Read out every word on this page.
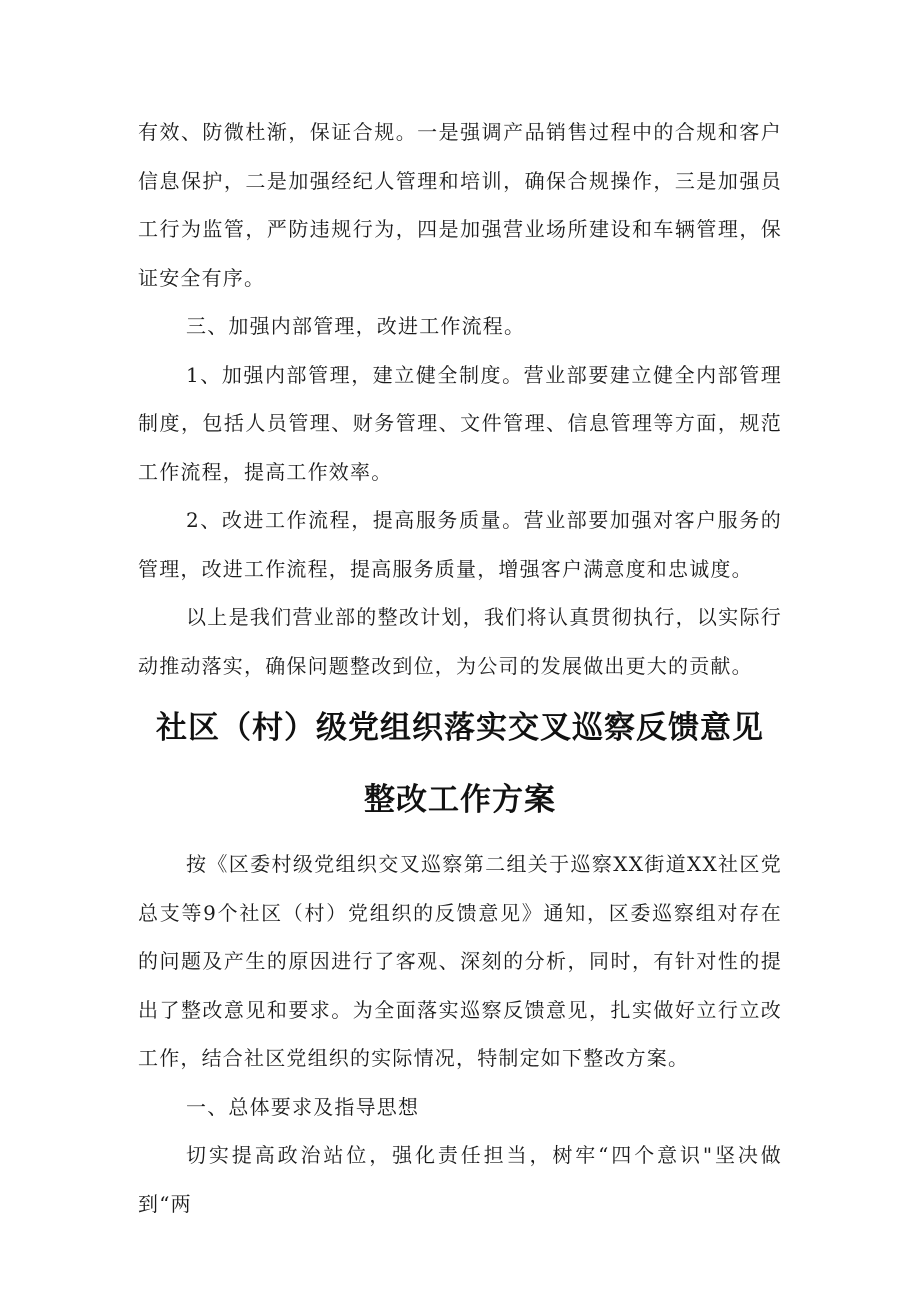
有效、防微杜渐，保证合规。一是强调产品销售过程中的合规和客户信息保护，二是加强经纪人管理和培训，确保合规操作，三是加强员工行为监管，严防违规行为，四是加强营业场所建设和车辆管理，保证安全有序。

三、加强内部管理，改进工作流程。

1、加强内部管理，建立健全制度。营业部要建立健全内部管理制度，包括人员管理、财务管理、文件管理、信息管理等方面，规范工作流程，提高工作效率。

2、改进工作流程，提高服务质量。营业部要加强对客户服务的管理，改进工作流程，提高服务质量，增强客户满意度和忠诚度。

以上是我们营业部的整改计划，我们将认真贯彻执行，以实际行动推动落实，确保问题整改到位，为公司的发展做出更大的贡献。

社区（村）级党组织落实交叉巡察反馈意见
整改工作方案

按《区委村级党组织交叉巡察第二组关于巡察XX街道XX社区党总支等9个社区（村）党组织的反馈意见》通知，区委巡察组对存在的问题及产生的原因进行了客观、深刻的分析，同时，有针对性的提出了整改意见和要求。为全面落实巡察反馈意见，扎实做好立行立改工作，结合社区党组织的实际情况，特制定如下整改方案。

一、总体要求及指导思想

切实提高政治站位，强化责任担当，树牢“四个意识"坚决做到“两
